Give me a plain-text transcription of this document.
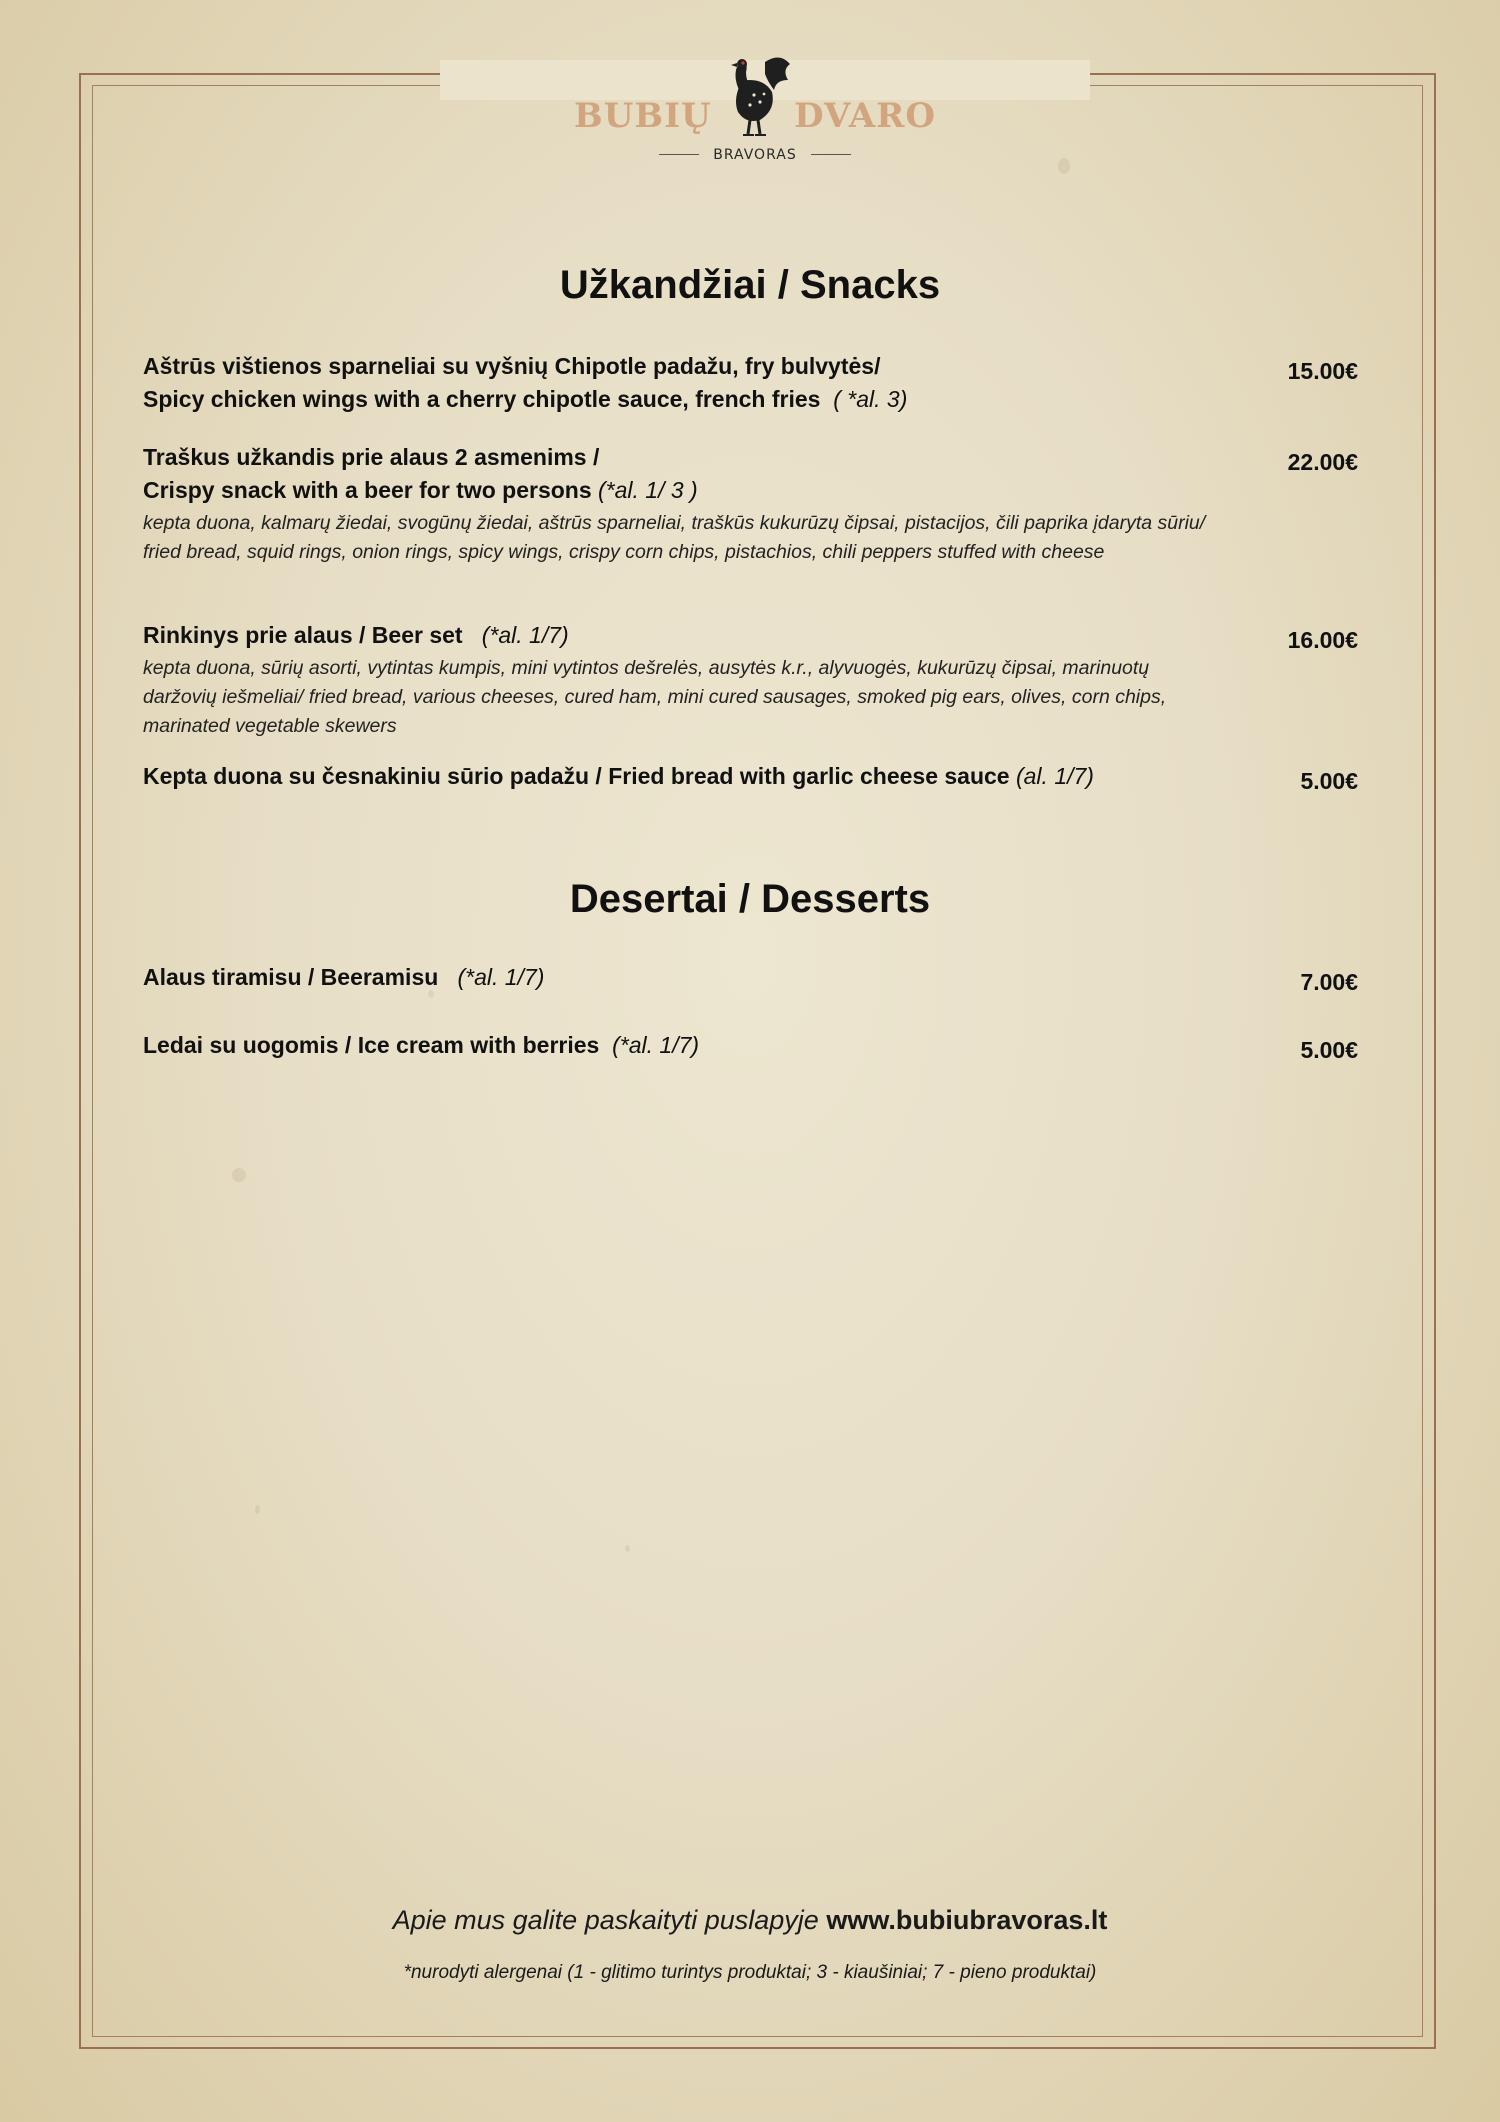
BUBIŲ DVARO
BRAVORAS
Užkandžiai / Snacks
Aštrūs vištienos sparneliai su vyšnių Chipotle padažu, fry bulvytės/
Spicy chicken wings with a cherry chipotle sauce, french fries ( *al. 3)
15.00€
Traškus užkandis prie alaus 2 asmenims /
Crispy snack with a beer for two persons (*al. 1/ 3 )
kepta duona, kalmarų žiedai, svogūnų žiedai, aštrūs sparneliai, traškūs kukurūzų čipsai, pistacijos, čili paprika įdaryta sūriu/ fried bread, squid rings, onion rings, spicy wings, crispy corn chips, pistachios, chili peppers stuffed with cheese
22.00€
Rinkinys prie alaus / Beer set (*al. 1/7)
kepta duona, sūrių asorti, vytintas kumpis, mini vytintos dešrelės, ausytės k.r., alyvuogės, kukurūzų čipsai, marinuotų daržovių iešmeliai/ fried bread, various cheeses, cured ham, mini cured sausages, smoked pig ears, olives, corn chips, marinated vegetable skewers
16.00€
Kepta duona su česnakiniu sūrio padažu / Fried bread with garlic cheese sauce (al. 1/7)	5.00€
Desertai / Desserts
Alaus tiramisu / Beeramisu (*al. 1/7)	7.00€
Ledai su uogomis / Ice cream with berries (*al. 1/7)	5.00€
Apie mus galite paskaityti puslapyje www.bubiubravoras.lt
*nurodyti alergenai (1 - glitimo turintys produktai; 3 - kiaušiniai; 7 - pieno produktai)
